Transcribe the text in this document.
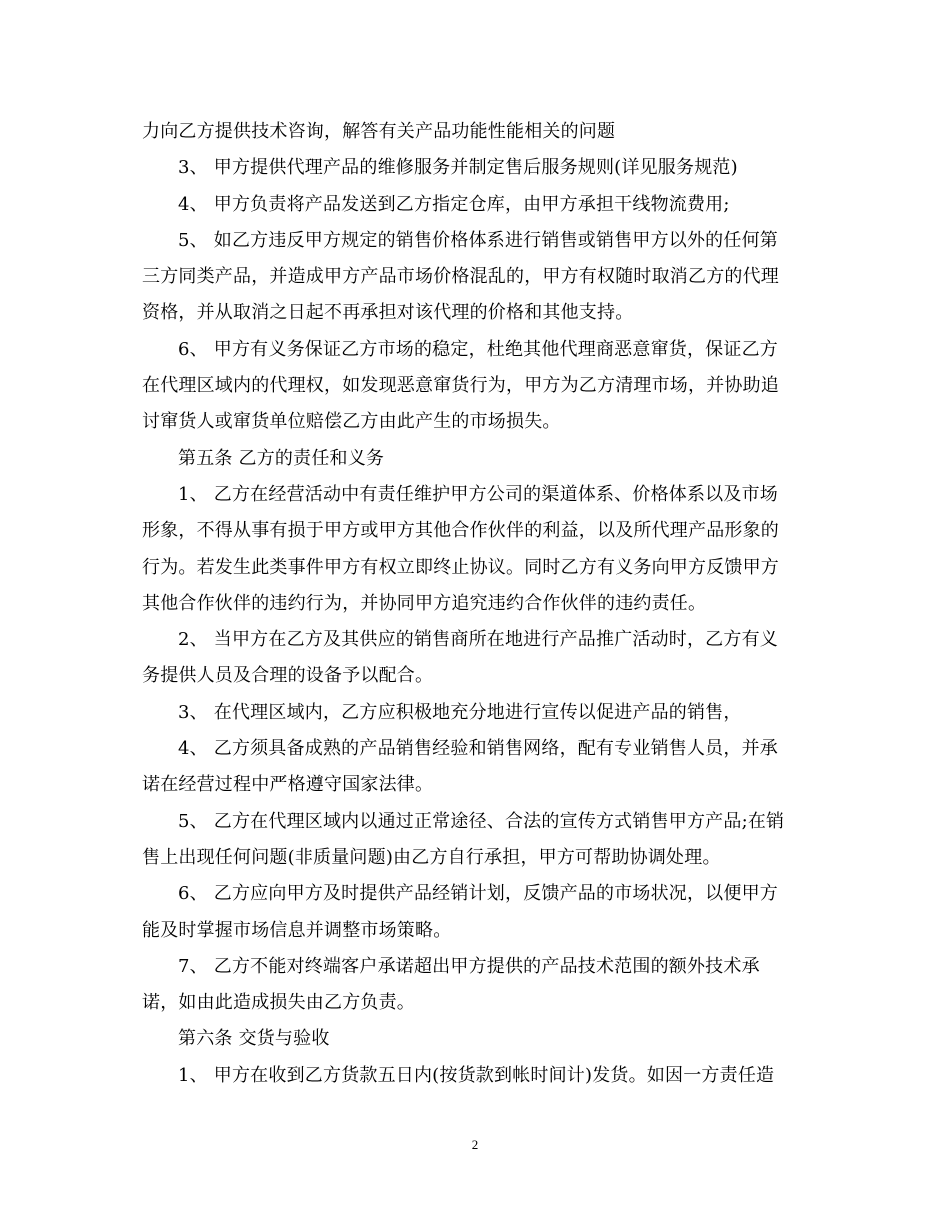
力向乙方提供技术咨询，解答有关产品功能性能相关的问题
3、 甲方提供代理产品的维修服务并制定售后服务规则(详见服务规范)
4、 甲方负责将产品发送到乙方指定仓库，由甲方承担干线物流费用;
5、 如乙方违反甲方规定的销售价格体系进行销售或销售甲方以外的任何第
三方同类产品，并造成甲方产品市场价格混乱的，甲方有权随时取消乙方的代理
资格，并从取消之日起不再承担对该代理的价格和其他支持。
6、 甲方有义务保证乙方市场的稳定，杜绝其他代理商恶意窜货，保证乙方
在代理区域内的代理权，如发现恶意窜货行为，甲方为乙方清理市场，并协助追
讨窜货人或窜货单位赔偿乙方由此产生的市场损失。
第五条 乙方的责任和义务
1、 乙方在经营活动中有责任维护甲方公司的渠道体系、价格体系以及市场
形象，不得从事有损于甲方或甲方其他合作伙伴的利益，以及所代理产品形象的
行为。若发生此类事件甲方有权立即终止协议。同时乙方有义务向甲方反馈甲方
其他合作伙伴的违约行为，并协同甲方追究违约合作伙伴的违约责任。
2、 当甲方在乙方及其供应的销售商所在地进行产品推广活动时，乙方有义
务提供人员及合理的设备予以配合。
3、 在代理区域内，乙方应积极地充分地进行宣传以促进产品的销售，
4、 乙方须具备成熟的产品销售经验和销售网络，配有专业销售人员，并承
诺在经营过程中严格遵守国家法律。
5、 乙方在代理区域内以通过正常途径、合法的宣传方式销售甲方产品;在销
售上出现任何问题(非质量问题)由乙方自行承担，甲方可帮助协调处理。
6、 乙方应向甲方及时提供产品经销计划，反馈产品的市场状况，以便甲方
能及时掌握市场信息并调整市场策略。
7、 乙方不能对终端客户承诺超出甲方提供的产品技术范围的额外技术承
诺，如由此造成损失由乙方负责。
第六条 交货与验收
1、 甲方在收到乙方货款五日内(按货款到帐时间计)发货。如因一方责任造
2
